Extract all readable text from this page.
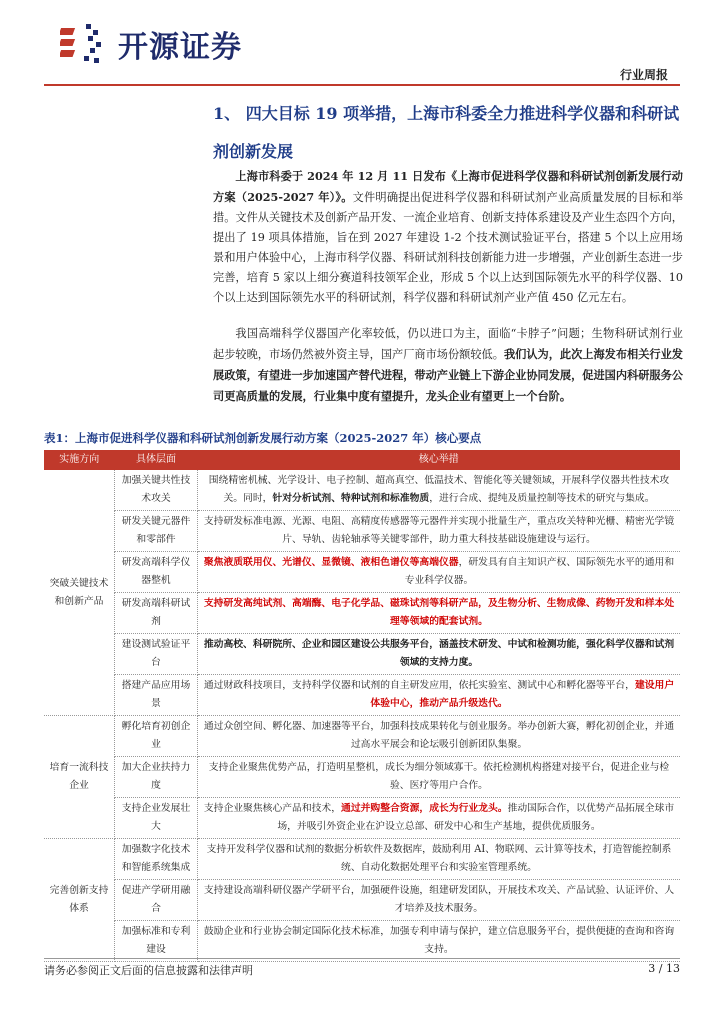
开源证券
行业周报
1、 四大目标 19 项举措，上海市科委全力推进科学仪器和科研试剂创新发展
上海市科委于 2024 年 12 月 11 日发布《上海市促进科学仪器和科研试剂创新发展行动方案（2025-2027 年）》。文件明确提出促进科学仪器和科研试剂产业高质量发展的目标和举措。文件从关键技术及创新产品开发、一流企业培育、创新支持体系建设及产业生态四个方向，提出了 19 项具体措施，旨在到 2027 年建设 1-2 个技术测试验证平台，搭建 5 个以上应用场景和用户体验中心，上海市科学仪器、科研试剂科技创新能力进一步增强，产业创新生态进一步完善，培育 5 家以上细分赛道科技领军企业，形成 5 个以上达到国际领先水平的科学仪器、10 个以上达到国际领先水平的科研试剂，科学仪器和科研试剂产业产值 450 亿元左右。
我国高端科学仪器国产化率较低，仍以进口为主，面临“卡脖子”问题；生物科研试剂行业起步较晚，市场仍然被外资主导，国产厂商市场份额较低。我们认为，此次上海发布相关行业发展政策，有望进一步加速国产替代进程，带动产业链上下游企业协同发展，促进国内科研服务公司更高质量的发展，行业集中度有望提升，龙头企业有望更上一个台阶。
表1：上海市促进科学仪器和科研试剂创新发展行动方案（2025-2027 年）核心要点
实施方向	具体层面	核心举措
突破关键技术和创新产品	加强关键共性技术攻关	围绕精密机械、光学设计、电子控制、超高真空、低温技术、智能化等关键领域，开展科学仪器共性技术攻关。同时，针对分析试剂、特种试剂和标准物质，进行合成、提纯及质量控制等技术的研究与集成。
	研发关键元器件和零部件	支持研发标准电源、光源、电阻、高精度传感器等元器件并实现小批量生产，重点攻关特种光栅、精密光学镜片、导轨、齿轮轴承等关键零部件，助力重大科技基础设施建设与运行。
	研发高端科学仪器整机	聚焦液质联用仪、光谱仪、显微镜、液相色谱仪等高端仪器，研发具有自主知识产权、国际领先水平的通用和专业科学仪器。
	研发高端科研试剂	支持研发高纯试剂、高端酶、电子化学品、磁珠试剂等科研产品，及生物分析、生物成像、药物开发和样本处理等领域的配套试剂。
	建设测试验证平台	推动高校、科研院所、企业和园区建设公共服务平台，涵盖技术研发、中试和检测功能，强化科学仪器和试剂领域的支持力度。
	搭建产品应用场景	通过财政科技项目，支持科学仪器和试剂的自主研发应用，依托实验室、测试中心和孵化器等平台，建设用户体验中心，推动产品升级迭代。
培育一流科技企业	孵化培育初创企业	通过众创空间、孵化器、加速器等平台，加强科技成果转化与创业服务。举办创新大赛，孵化初创企业，并通过高水平展会和论坛吸引创新团队集聚。
	加大企业扶持力度	支持企业聚焦优势产品，打造明星整机，成长为细分领域寡干。依托检测机构搭建对接平台，促进企业与检验、医疗等用户合作。
	支持企业发展壮大	支持企业聚焦核心产品和技术，通过并购整合资源，成长为行业龙头。推动国际合作，以优势产品拓展全球市场，并吸引外资企业在沪设立总部、研发中心和生产基地，提供优质服务。
完善创新支持体系	加强数字化技术和智能系统集成	支持开发科学仪器和试剂的数据分析软件及数据库，鼓励利用 AI、物联网、云计算等技术，打造智能控制系统、自动化数据处理平台和实验室管理系统。
	促进产学研用融合	支持建设高端科研仪器产学研平台，加强硬件设施，组建研发团队，开展技术攻关、产品试验、认证评价、人才培养及技术服务。
	加强标准和专利建设	鼓励企业和行业协会制定国际化技术标准，加强专利申请与保护，建立信息服务平台，提供便捷的查询和咨询支持。
请务必参阅正文后面的信息披露和法律声明	3 / 13
